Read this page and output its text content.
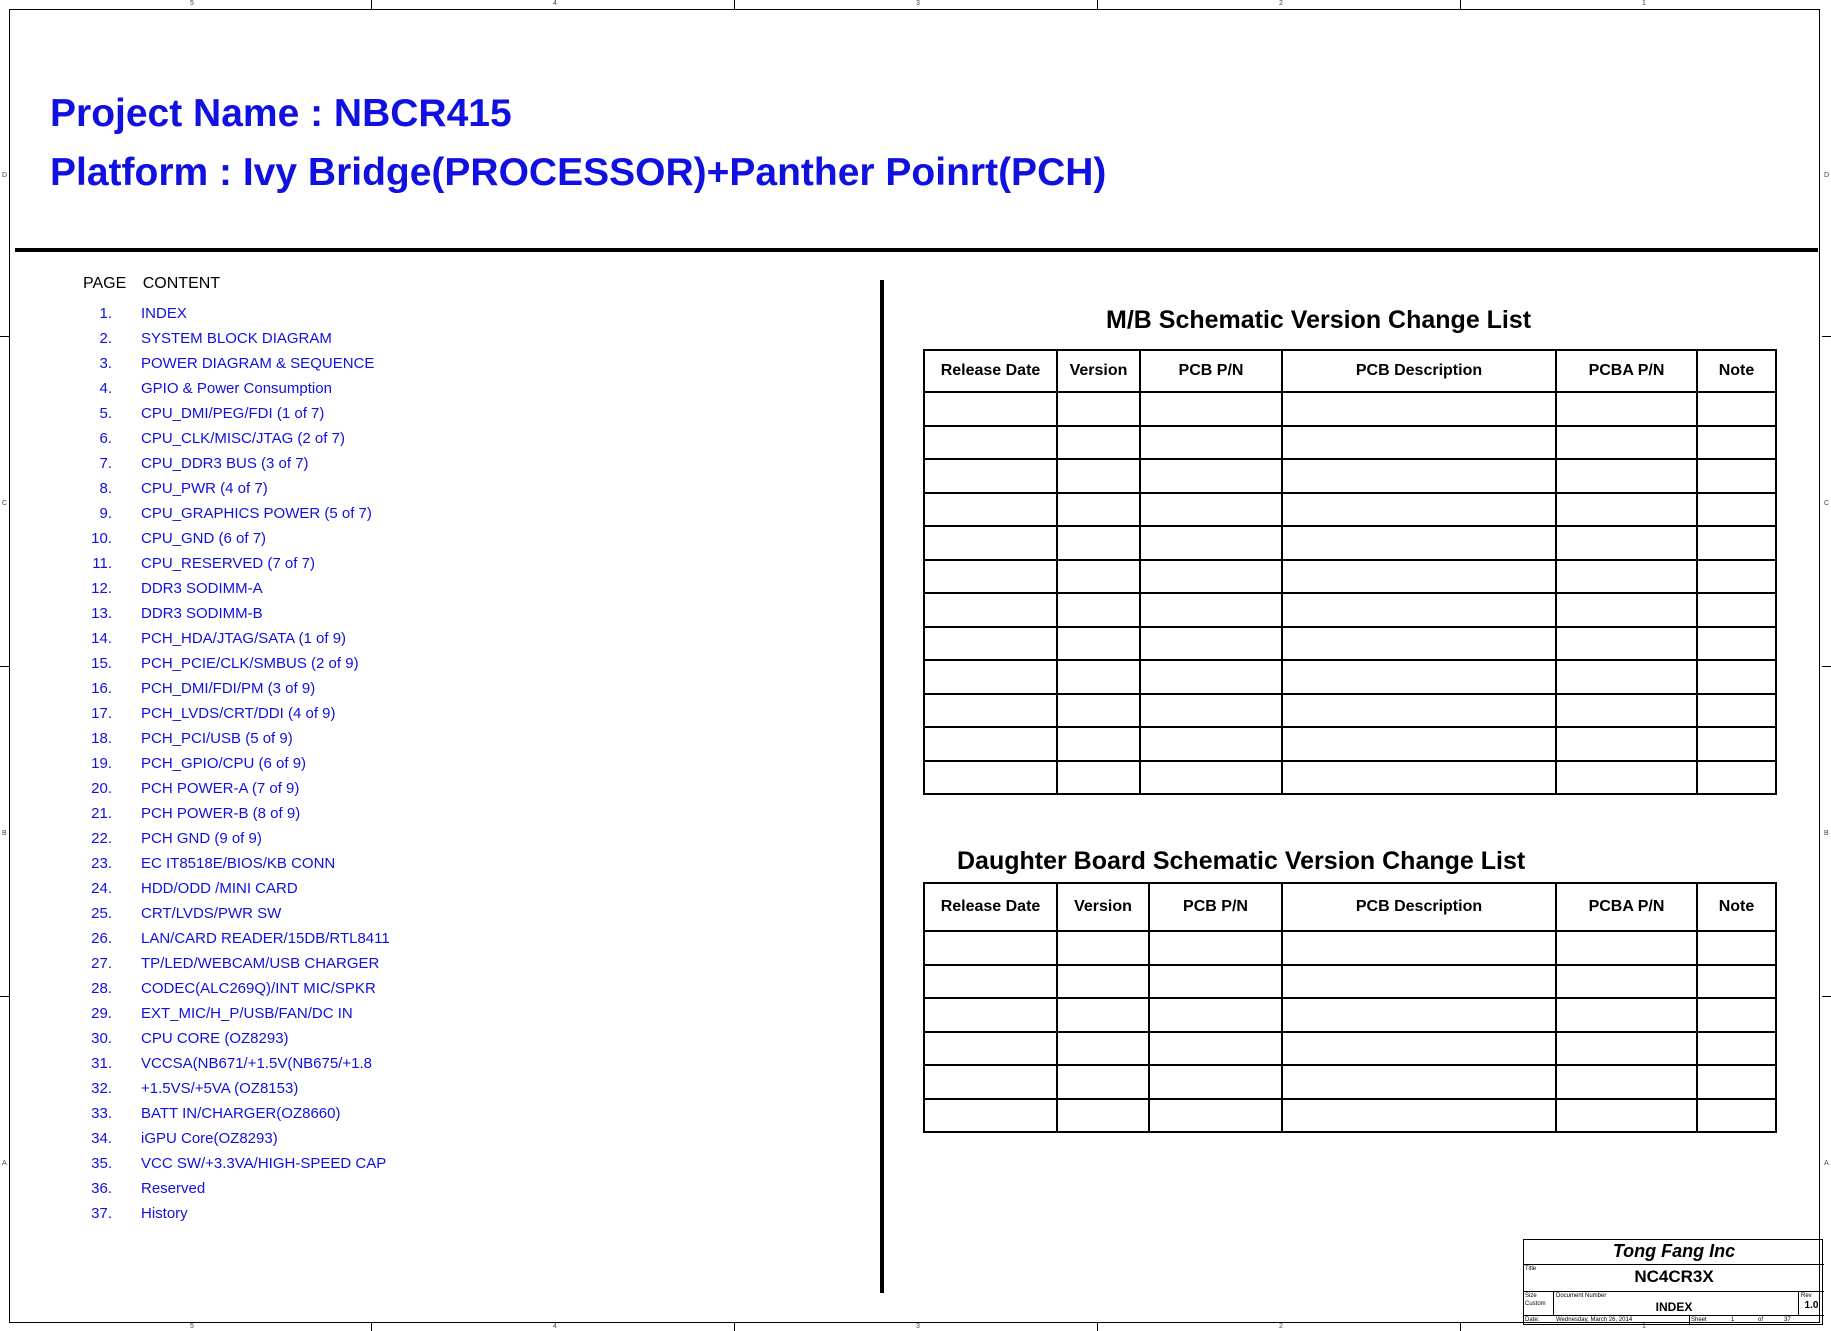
5	4	3	2	1
5	4	3	2	1
D
C
B
A
D
C
B
A
Project Name : NBCR415
Platform : Ivy Bridge(PROCESSOR)+Panther Poinrt(PCH)
PAGE CONTENT
1. INDEX
2. SYSTEM BLOCK DIAGRAM
3. POWER DIAGRAM & SEQUENCE
4. GPIO & Power Consumption
5. CPU_DMI/PEG/FDI (1 of 7)
6. CPU_CLK/MISC/JTAG (2 of 7)
7. CPU_DDR3 BUS (3 of 7)
8. CPU_PWR (4 of 7)
9. CPU_GRAPHICS POWER (5 of 7)
10. CPU_GND (6 of 7)
11. CPU_RESERVED (7 of 7)
12. DDR3 SODIMM-A
13. DDR3 SODIMM-B
14. PCH_HDA/JTAG/SATA (1 of 9)
15. PCH_PCIE/CLK/SMBUS (2 of 9)
16. PCH_DMI/FDI/PM (3 of 9)
17. PCH_LVDS/CRT/DDI (4 of 9)
18. PCH_PCI/USB (5 of 9)
19. PCH_GPIO/CPU (6 of 9)
20. PCH POWER-A (7 of 9)
21. PCH POWER-B (8 of 9)
22. PCH GND (9 of 9)
23. EC IT8518E/BIOS/KB CONN
24. HDD/ODD /MINI CARD
25. CRT/LVDS/PWR SW
26. LAN/CARD READER/15DB/RTL8411
27. TP/LED/WEBCAM/USB CHARGER
28. CODEC(ALC269Q)/INT MIC/SPKR
29. EXT_MIC/H_P/USB/FAN/DC IN
30. CPU CORE (OZ8293)
31. VCCSA(NB671/+1.5V(NB675/+1.8
32. +1.5VS/+5VA (OZ8153)
33. BATT IN/CHARGER(OZ8660)
34. iGPU Core(OZ8293)
35. VCC SW/+3.3VA/HIGH-SPEED CAP
36. Reserved
37. History
M/B Schematic Version Change List
Release Date	Version	PCB P/N	PCB Description	PCBA P/N	Note

Daughter Board Schematic Version Change List
Release Date	Version	PCB P/N	PCB Description	PCBA P/N	Note

Tong Fang Inc
Title	NC4CR3X
Size
Custom
Document Number
INDEX
Rev
1.0
Date:	Wednesday, March 26, 2014	Sheet	1	of	37
